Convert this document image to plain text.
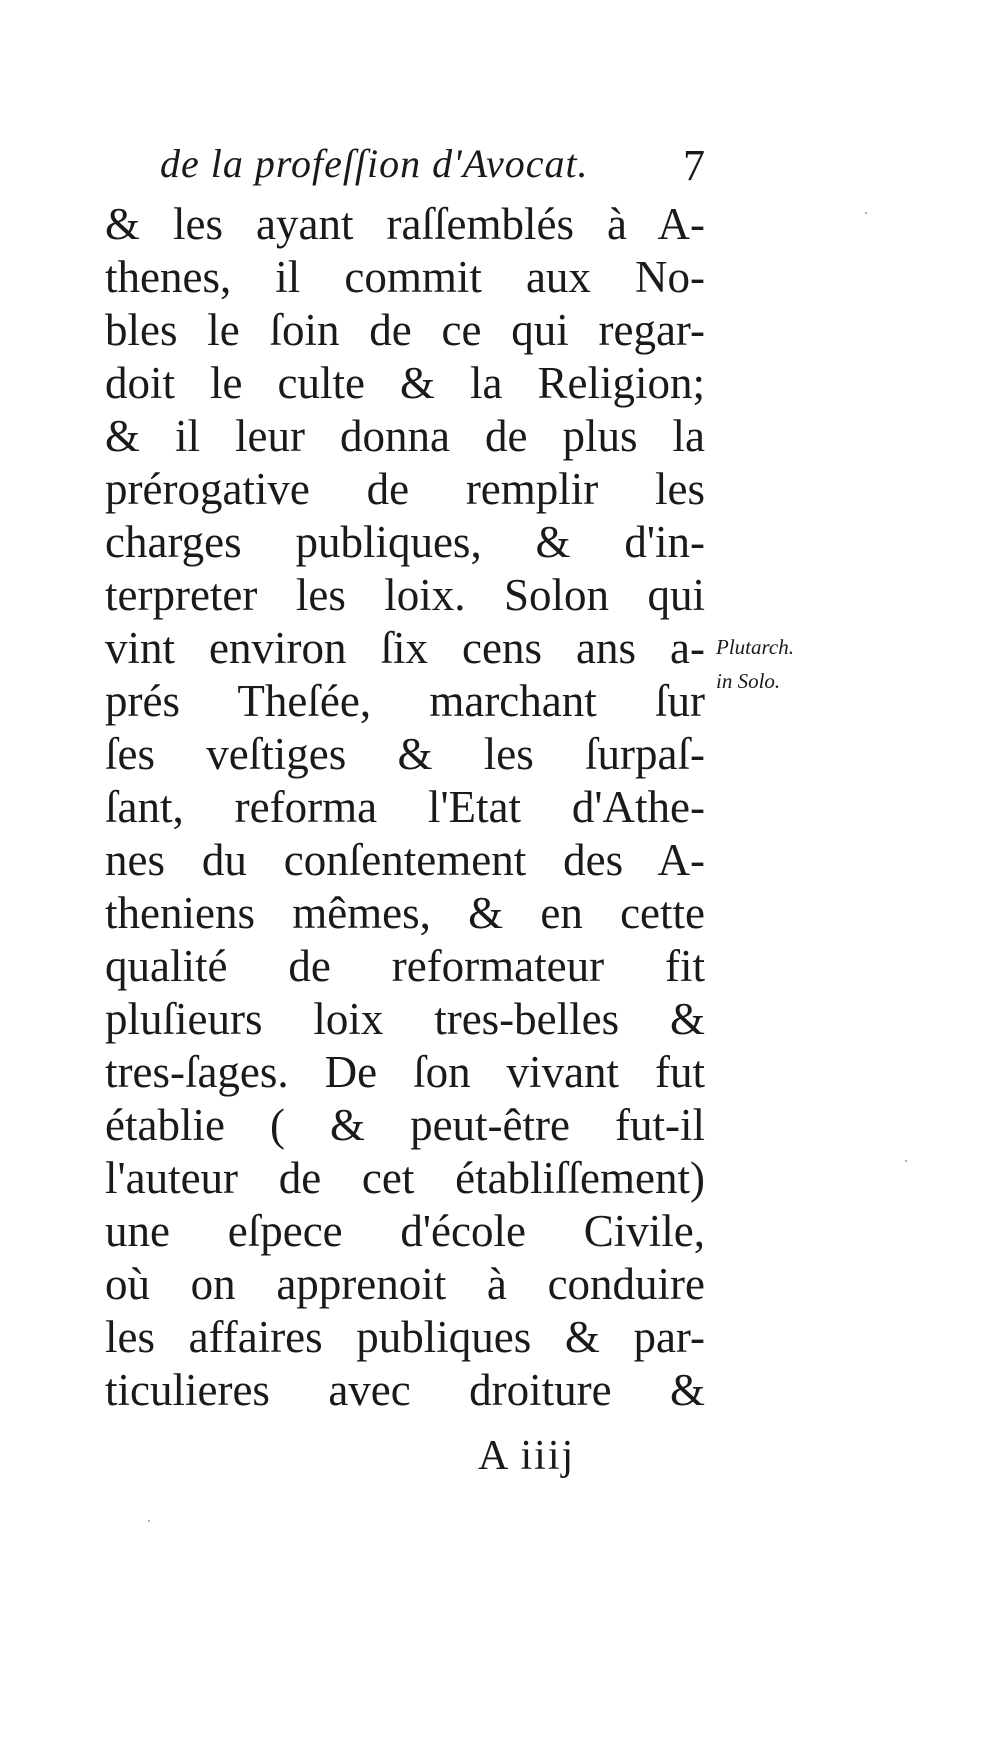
de la profeſſion d'Avocat. 7
& les ayant raſſemblés à A-
thenes, il commit aux No-
bles le ſoin de ce qui regar-
doit le culte & la Religion;
& il leur donna de plus la
prérogative de remplir les
charges publiques, & d'in-
terpreter les loix. Solon qui
vint environ ſix cens ans a-
prés Theſée, marchant ſur
ſes veſtiges & les ſurpaſ-
ſant, reforma l'Etat d'Athe-
nes du conſentement des A-
theniens mêmes, & en cette
qualité de reformateur fit
pluſieurs loix tres-belles &
tres-ſages. De ſon vivant fut
établie ( & peut-être fut-il
l'auteur de cet établiſſement)
une eſpece d'école Civile,
où on apprenoit à conduire
les affaires publiques & par-
ticulieres avec droiture &
Plutarch.
in Solo.
A iiij
